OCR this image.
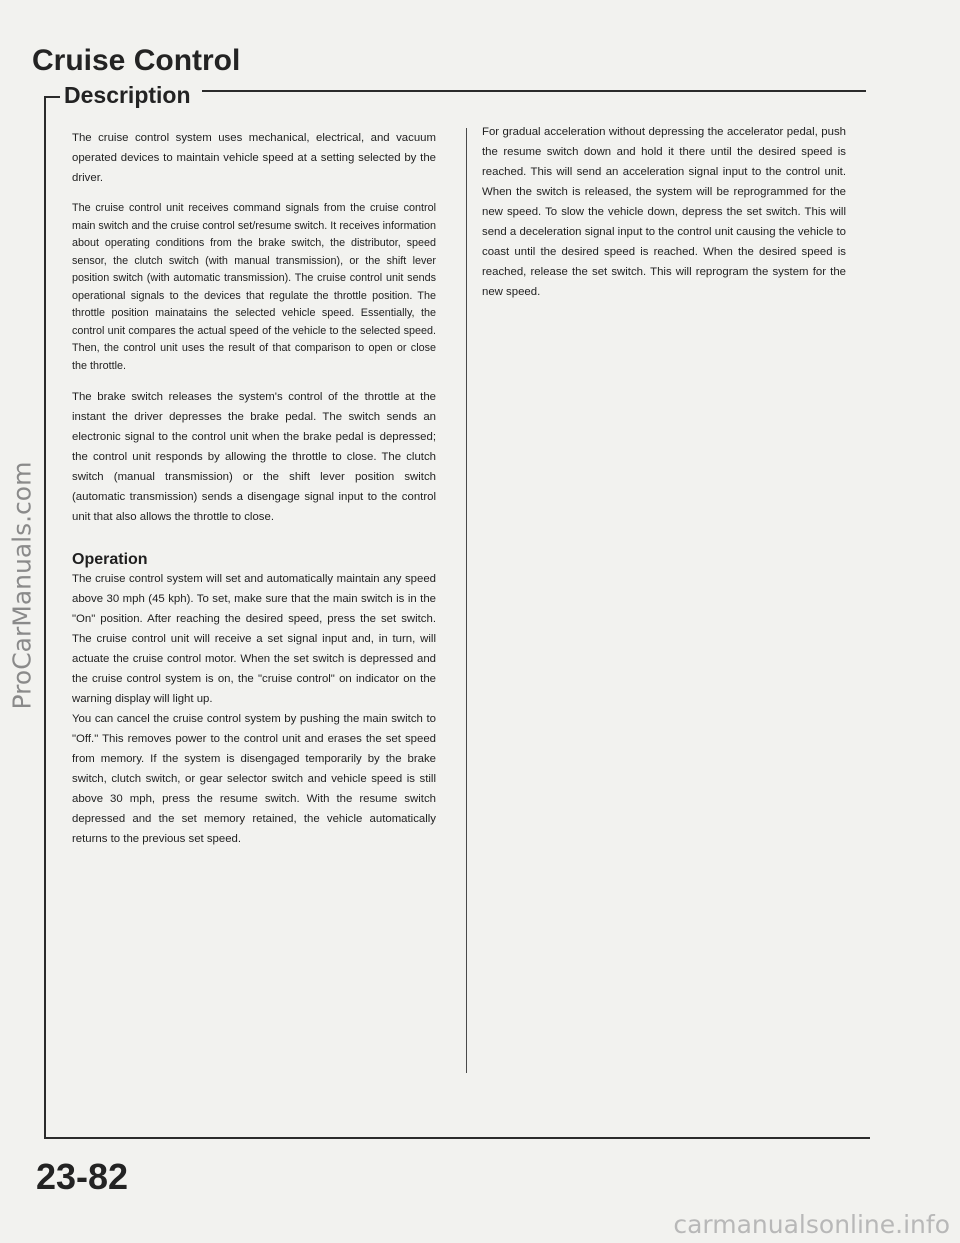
ProCarManuals.com
Cruise Control
Description

The cruise control system uses mechanical, electrical, and vacuum operated devices to maintain vehicle speed at a setting selected by the driver.

The cruise control unit receives command signals from the cruise control main switch and the cruise control set/resume switch. It receives information about operating conditions from the brake switch, the distributor, speed sensor, the clutch switch (with manual transmission), or the shift lever position switch (with automatic transmission). The cruise control unit sends operational signals to the devices that regulate the throttle position. The throttle position mainatains the selected vehicle speed. Essentially, the control unit compares the actual speed of the vehicle to the selected speed. Then, the control unit uses the result of that comparison to open or close the throttle.

The brake switch releases the system's control of the throttle at the instant the driver depresses the brake pedal. The switch sends an electronic signal to the control unit when the brake pedal is depressed; the control unit responds by allowing the throttle to close. The clutch switch (manual transmission) or the shift lever position switch (automatic transmission) sends a disengage signal input to the control unit that also allows the throttle to close.

Operation

The cruise control system will set and automatically maintain any speed above 30 mph (45 kph). To set, make sure that the main switch is in the "On" position. After reaching the desired speed, press the set switch. The cruise control unit will receive a set signal input and, in turn, will actuate the cruise control motor. When the set switch is depressed and the cruise control system is on, the "cruise control" on indicator on the warning display will light up.

You can cancel the cruise control system by pushing the main switch to "Off." This removes power to the control unit and erases the set speed from memory. If the system is disengaged temporarily by the brake switch, clutch switch, or gear selector switch and vehicle speed is still above 30 mph, press the resume switch. With the resume switch depressed and the set memory retained, the vehicle automatically returns to the previous set speed.

For gradual acceleration without depressing the accelerator pedal, push the resume switch down and hold it there until the desired speed is reached. This will send an acceleration signal input to the control unit. When the switch is released, the system will be reprogrammed for the new speed. To slow the vehicle down, depress the set switch. This will send a deceleration signal input to the control unit causing the vehicle to coast until the desired speed is reached. When the desired speed is reached, release the set switch. This will reprogram the system for the new speed.

23-82
carmanualsonline.info
